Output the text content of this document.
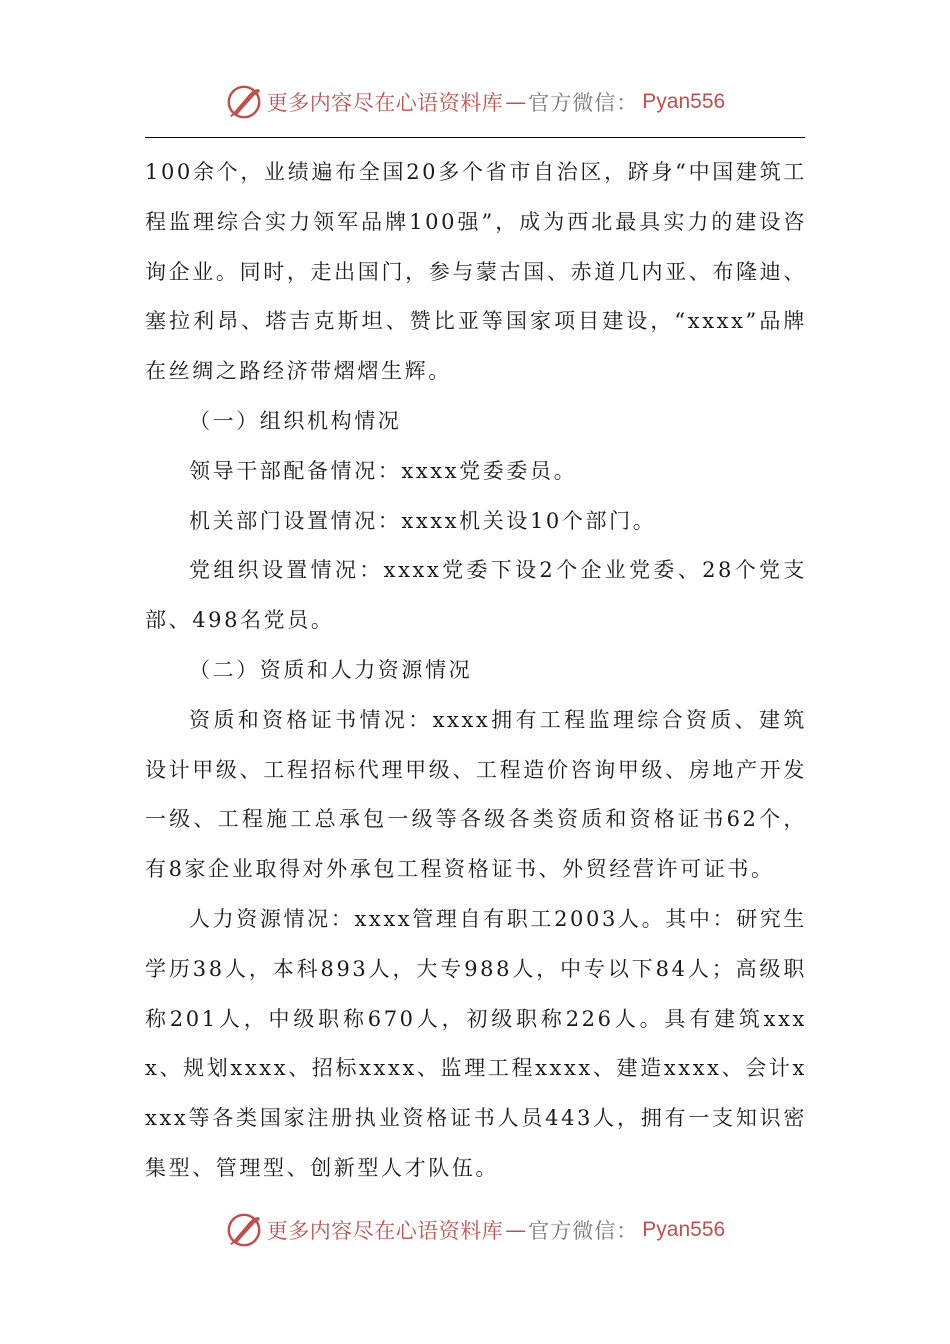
更多内容尽在心语资料库 — 官方微信： Pyan556

100余个，业绩遍布全国20多个省市自治区，跻身“中国建筑工程监理综合实力领军品牌100强”，成为西北最具实力的建设咨询企业。同时，走出国门，参与蒙古国、赤道几内亚、布隆迪、塞拉利昂、塔吉克斯坦、赞比亚等国家项目建设，“xxxx”品牌在丝绸之路经济带熠熠生辉。

（一）组织机构情况

领导干部配备情况：xxxx党委委员。

机关部门设置情况：xxxx机关设10个部门。

党组织设置情况：xxxx党委下设2个企业党委、28个党支部、498名党员。

（二）资质和人力资源情况

资质和资格证书情况：xxxx拥有工程监理综合资质、建筑设计甲级、工程招标代理甲级、工程造价咨询甲级、房地产开发一级、工程施工总承包一级等各级各类资质和资格证书62个，有8家企业取得对外承包工程资格证书、外贸经营许可证书。

人力资源情况：xxxx管理自有职工2003人。其中：研究生学历38人，本科893人，大专988人，中专以下84人；高级职称201人，中级职称670人，初级职称226人。具有建筑xxxx、规划xxxx、招标xxxx、监理工程xxxx、建造xxxx、会计xxxx等各类国家注册执业资格证书人员443人，拥有一支知识密集型、管理型、创新型人才队伍。

更多内容尽在心语资料库 — 官方微信： Pyan556
